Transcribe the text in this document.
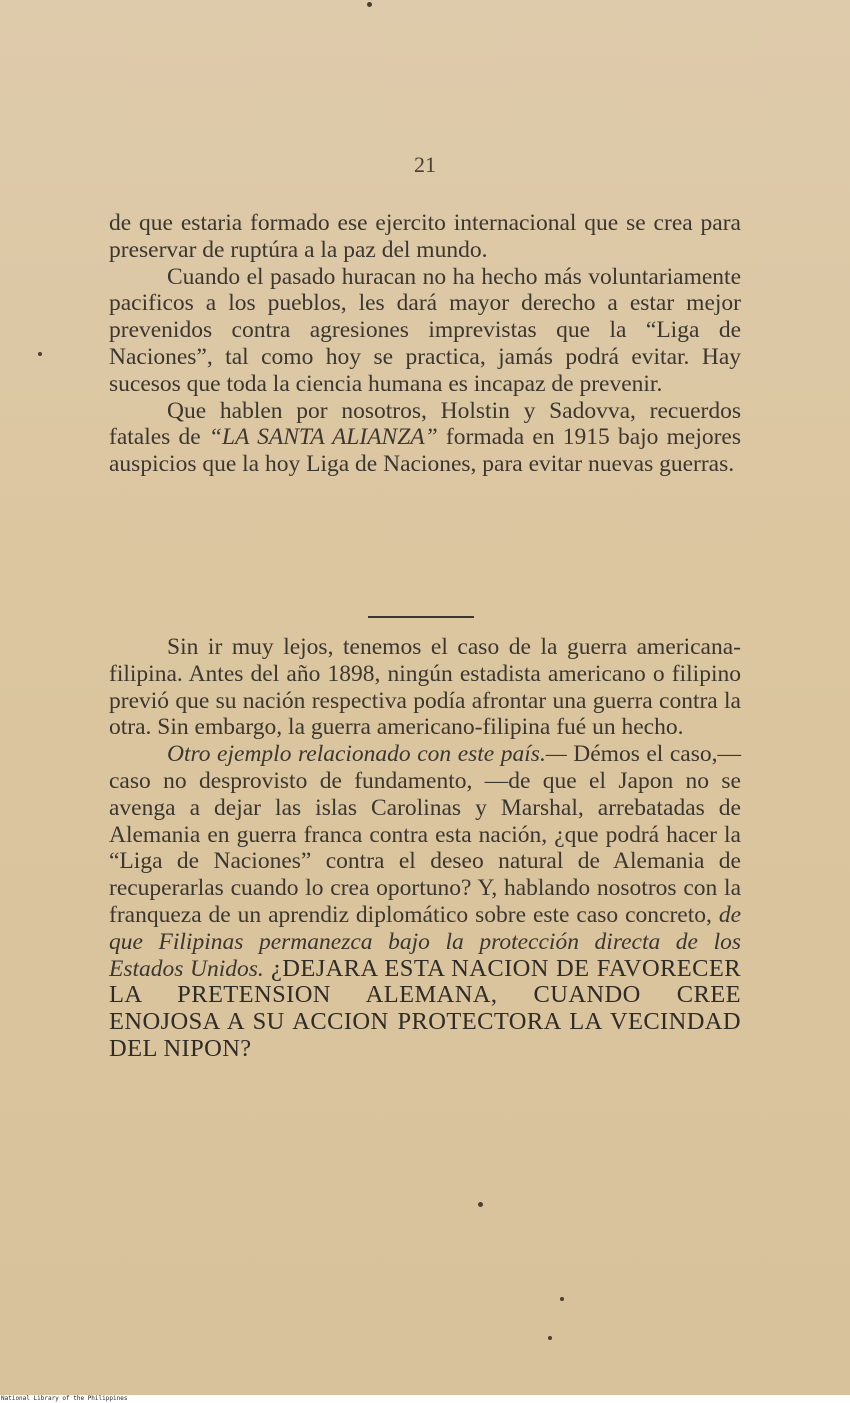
21

de que estaria formado ese ejercito internacional que se crea para preservar de ruptúra a la paz del mundo.

Cuando el pasado huracan no ha hecho más voluntariamente pacificos a los pueblos, les dará mayor derecho a estar mejor prevenidos contra agresiones imprevistas que la “Liga de Naciones”, tal como hoy se practica, jamás podrá evitar. Hay sucesos que toda la ciencia humana es incapaz de prevenir.

Que hablen por nosotros, Holstin y Sadovva, recuerdos fatales de “LA SANTA ALIANZA” formada en 1915 bajo mejores auspicios que la hoy Liga de Naciones, para evitar nuevas guerras.

Sin ir muy lejos, tenemos el caso de la guerra americana-filipina. Antes del año 1898, ningún estadista americano o filipino previó que su nación respectiva podía afrontar una guerra contra la otra. Sin embargo, la guerra americano-filipina fué un hecho.

Otro ejemplo relacionado con este país.— Démos el caso,—caso no desprovisto de fundamento, —de que el Japon no se avenga a dejar las islas Carolinas y Marshal, arrebatadas de Alemania en guerra franca contra esta nación, ¿que podrá hacer la “Liga de Naciones” contra el deseo natural de Alemania de recuperarlas cuando lo crea oportuno? Y, hablando nosotros con la franqueza de un aprendiz diplomático sobre este caso concreto, de que Filipinas permanezca bajo la protección directa de los Estados Unidos. ¿DEJARA ESTA NACION DE FAVORECER LA PRETENSION ALEMANA, CUANDO CREE ENOJOSA A SU ACCION PROTECTORA LA VECINDAD DEL NIPON?

National Library of the Philippines
